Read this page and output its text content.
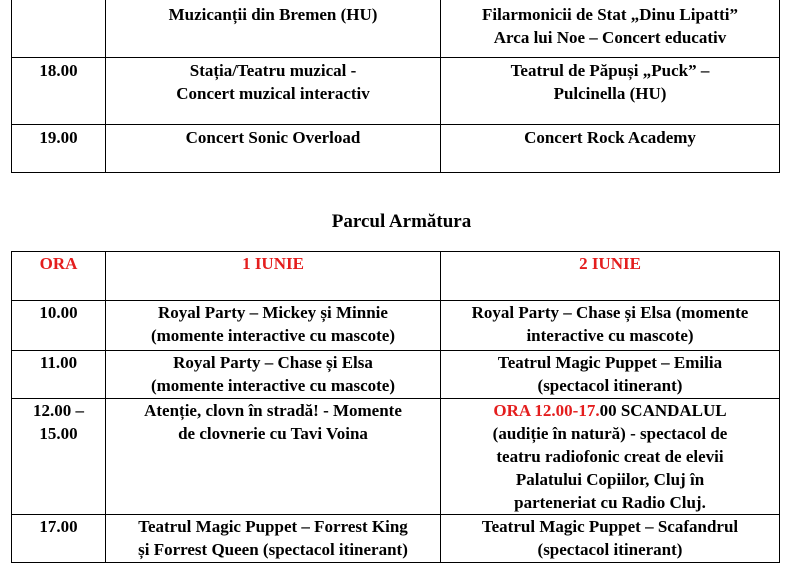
	Muzicanții din Bremen (HU)	Filarmonicii de Stat „Dinu Lipatti”
Arca lui Noe – Concert educativ

18.00	Stația/Teatru muzical -
Concert muzical interactiv	Teatrul de Păpuși „Puck” –
Pulcinella (HU)

19.00	Concert Sonic Overload	Concert Rock Academy
Parcul Armătura
ORA	1 IUNIE	2 IUNIE

10.00	Royal Party – Mickey și Minnie
(momente interactive cu mascote)	Royal Party – Chase și Elsa (momente
interactive cu mascote)

11.00	Royal Party – Chase și Elsa
(momente interactive cu mascote)	Teatrul Magic Puppet – Emilia
(spectacol itinerant)

12.00 –
15.00	Atenție, clovn în stradă! - Momente
de clovnerie cu Tavi Voina	ORA 12.00-17.00 SCANDALUL
(audiție în natură) - spectacol de
teatru radiofonic creat de elevii
Palatului Copiilor, Cluj în
parteneriat cu Radio Cluj.

17.00	Teatrul Magic Puppet – Forrest King
și Forrest Queen (spectacol itinerant)	Teatrul Magic Puppet – Scafandrul
(spectacol itinerant)
